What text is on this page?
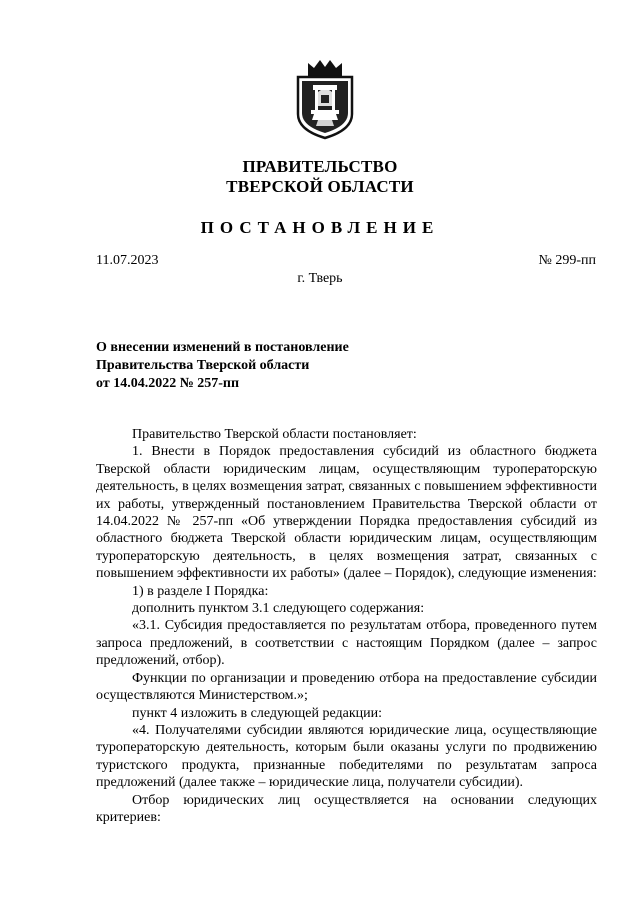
ПРАВИТЕЛЬСТВО
ТВЕРСКОЙ ОБЛАСТИ
ПОСТАНОВЛЕНИЕ
11.07.2023	№ 299-пп
г. Тверь
О внесении изменений в постановление
Правительства Тверской области
от 14.04.2022 № 257-пп

Правительство Тверской области постановляет:

1. Внести в Порядок предоставления субсидий из областного бюджета Тверской области юридическим лицам, осуществляющим туроператорскую деятельность, в целях возмещения затрат, связанных с повышением эффективности их работы, утвержденный постановлением Правительства Тверской области от 14.04.2022 № 257-пп «Об утверждении Порядка предоставления субсидий из областного бюджета Тверской области юридическим лицам, осуществляющим туроператорскую деятельность, в целях возмещения затрат, связанных с повышением эффективности их работы» (далее – Порядок), следующие изменения:

1) в разделе I Порядка:

дополнить пунктом 3.1 следующего содержания:

«3.1. Субсидия предоставляется по результатам отбора, проведенного путем запроса предложений, в соответствии с настоящим Порядком (далее – запрос предложений, отбор).

Функции по организации и проведению отбора на предоставление субсидии осуществляются Министерством.»;

пункт 4 изложить в следующей редакции:

«4. Получателями субсидии являются юридические лица, осуществляющие туроператорскую деятельность, которым были оказаны услуги по продвижению туристского продукта, признанные победителями по результатам запроса предложений (далее также – юридические лица, получатели субсидии).

Отбор юридических лиц осуществляется на основании следующих критериев:
